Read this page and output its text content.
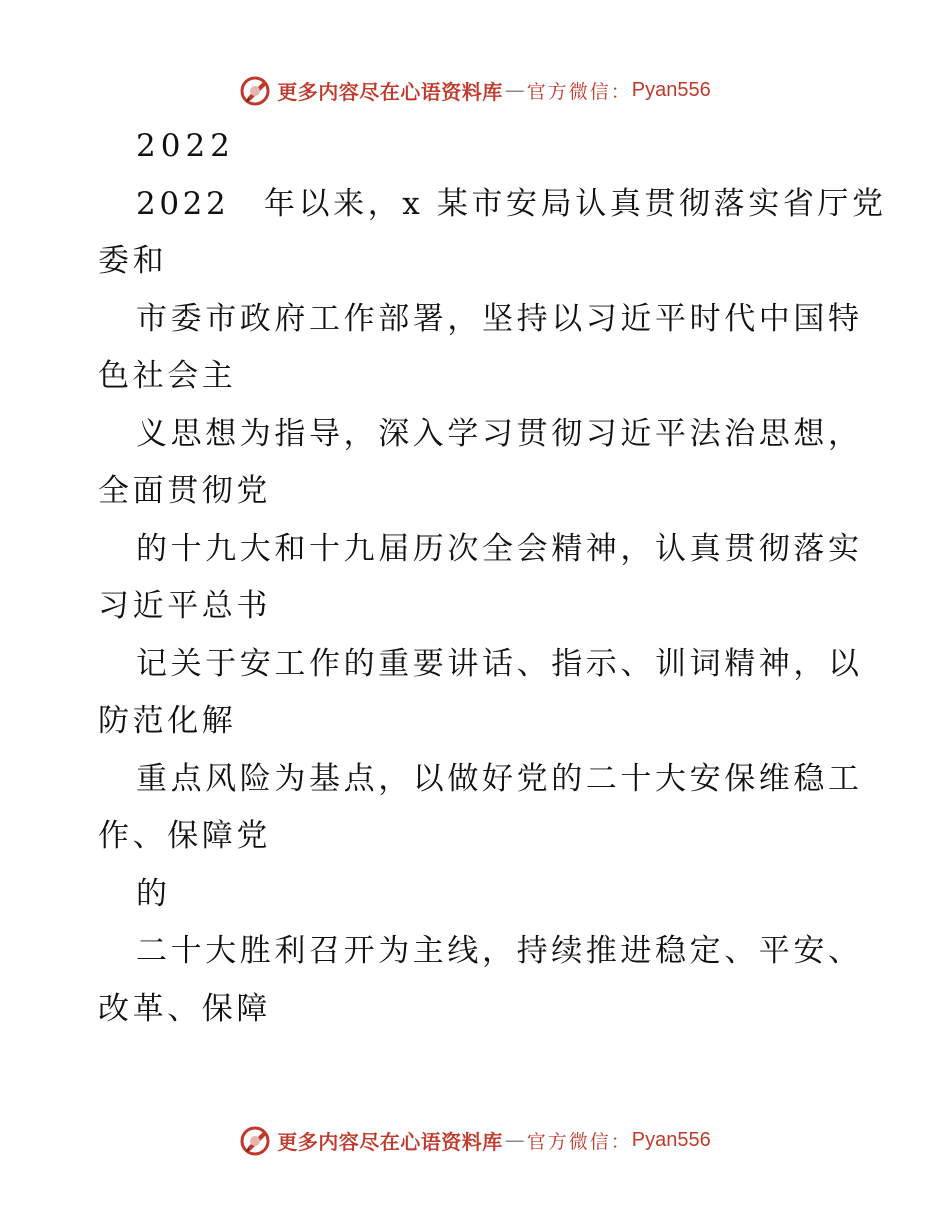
更多内容尽在心语资料库 — 官方微信： Pyan556
2022
2022　年以来，x 某市安局认真贯彻落实省厅党
委和
市委市政府工作部署，坚持以习近平时代中国特
色社会主
义思想为指导，深入学习贯彻习近平法治思想，
全面贯彻党
的十九大和十九届历次全会精神，认真贯彻落实
习近平总书
记关于安工作的重要讲话、指示、训词精神，以
防范化解
重点风险为基点，以做好党的二十大安保维稳工
作、保障党
的
二十大胜利召开为主线，持续推进稳定、平安、
改革、保障
更多内容尽在心语资料库 — 官方微信： Pyan556
